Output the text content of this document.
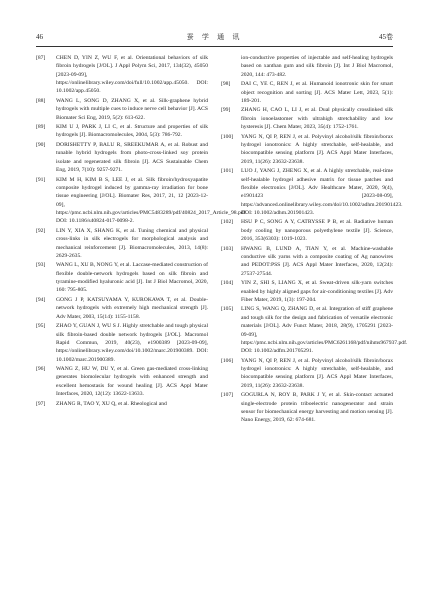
46	蚕 学 通 讯	45卷
[87] CHEN D, YIN Z, WU F, et al. Orientational behaviors of silk fibroin hydrogels [J/OL]. J Appl Polym Sci, 2017, 134(32), 45050 [2023-09-09], https://onlinelibrary.wiley.com/doi/full/10.1002/app.45050. DOI: 10.1002/app.45050.
[88] WANG L, SONG D, ZHANG X, et al. Silk-graphene hybrid hydrogels with multiple cues to induce nerve cell behavior [J]. ACS Biomater Sci Eng, 2019, 5(2): 613-622.
[89] KIM U J, PARK J, LI C, et al. Structure and properties of silk hydrogels [J]. Biomacromolecules, 2004, 5(3): 786-792.
[90] DORISHETTY P, BALU R, SREEKUMAR A, et al. Robust and tunable hybrid hydrogels from photo-cross-linked soy protein isolate and regenerated silk fibroin [J]. ACS Sustainable Chem Eng, 2019, 7(10): 9257-9271.
[91] KIM M H, KIM B S, LEE J, et al. Silk fibroin/hydroxyapatite composite hydrogel induced by gamma-ray irradiation for bone tissue engineering [J/OL]. Biomater Res, 2017, 21, 12 [2023-12-09], https://pmc.ncbi.nlm.nih.gov/articles/PMC5483289/pdf/40824_2017_Article_98.pdf. DOI: 10.1186/s40824-017-0098-2.
[92] LIN Y, XIA X, SHANG K, et al. Tuning chemical and physical cross-links in silk electrogels for morphological analysis and mechanical reinforcement [J]. Biomacromolecules, 2013, 14(8): 2629-2635.
[93] WANG L, XU B, NONG Y, et al. Laccase-mediated construction of flexible double-network hydrogels based on silk fibroin and tyramine-modified hyaluronic acid [J]. Int J Biol Macromol, 2020, 160: 795-805.
[94] GONG J P, KATSUYAMA Y, KUROKAWA T, et al. Double-network hydrogels with extremely high mechanical strength [J]. Adv Mater, 2003, 15(14): 1155-1158.
[95] ZHAO Y, GUAN J, WU S J. Highly stretchable and tough physical silk fibroin-based double network hydrogels [J/OL]. Macromol Rapid Commun, 2019, 40(23), e1900389 [2023-09-09], https://onlinelibrary.wiley.com/doi/10.1002/marc.201900389. DOI: 10.1002/marc.201900389.
[96] WANG Z, HU W, DU Y, et al. Green gas-mediated cross-linking generates biomolecular hydrogels with enhanced strength and excellent hemostasis for wound healing [J]. ACS Appl Mater Interfaces, 2020, 12(12): 13622-13633.
[97] ZHANG R, TAO Y, XU Q, et al. Rheological and
ion-conductive properties of injectable and self-healing hydrogels based on xanthan gum and silk fibroin [J]. Int J Biol Macromol, 2020, 144: 473-482.
[98] DAI C, YE C, REN J, et al. Humanoid ionotronic skin for smart object recognition and sorting [J]. ACS Mater Lett, 2023, 5(1): 189-201.
[99] ZHANG H, CAO L, LI J, et al. Dual physically crosslinked silk fibroin ionoelastomer with ultrahigh stretchability and low hysteresis [J]. Chem Mater, 2023, 35(4): 1752-1761.
[100] YANG N, QI P, REN J, et al. Polyvinyl alcohol/silk fibroin/borax hydrogel ionotronics: A highly stretchable, self-healable, and biocompatible sensing platform [J]. ACS Appl Mater Interfaces, 2019, 11(26): 23632-23638.
[101] LUO J, YANG J, ZHENG X, et al. A highly stretchable, real-time self-healable hydrogel adhesive matrix for tissue patches and flexible electronics [J/OL]. Adv Healthcare Mater, 2020, 9(4), e1901423 [2023-08-09], https://advanced.onlinelibrary.wiley.com/doi/10.1002/adhm.201901423. DOI: 10.1002/adhm.201901423.
[102] HSU P C, SONG A Y, CATRYSSE P B, et al. Radiative human body cooling by nanoporous polyethylene textile [J]. Science, 2016, 353(6303): 1019-1023.
[103] HWANG B, LUND A, TIAN Y, et al. Machine-washable conductive silk yarns with a composite coating of Ag nanowires and PEDOT:PSS [J]. ACS Appl Mater Interfaces, 2020, 12(24): 27537-27544.
[104] YIN Z, SHI S, LIANG X, et al. Sweat-driven silk-yarn switches enabled by highly aligned gaps for air-conditioning textiles [J]. Adv Fiber Mater, 2019, 1(3): 197-204.
[105] LING S, WANG Q, ZHANG D, et al. Integration of stiff graphene and tough silk for the design and fabrication of versatile electronic materials [J/OL]. Adv Funct Mater, 2018, 28(9), 1705291 [2023-09-09], https://pmc.ncbi.nlm.nih.gov/articles/PMC6261168/pdf/nihms967937.pdf. DOI: 10.1002/adfm.201705291.
[106] YANG N, QI P, REN J, et al. Polyvinyl alcohol/silk fibroin/borax hydrogel ionotronics: A highly stretchable, self-healable, and biocompatible sensing platform [J]. ACS Appl Mater Interfaces, 2019, 11(26): 23632-23638.
[107] GOGURLA N, ROY B, PARK J Y, et al. Skin-contact actuated single-electrode protein triboelectric nanogenerator and strain sensor for biomechanical energy harvesting and motion sensing [J]. Nano Energy, 2019, 62: 674-681.
